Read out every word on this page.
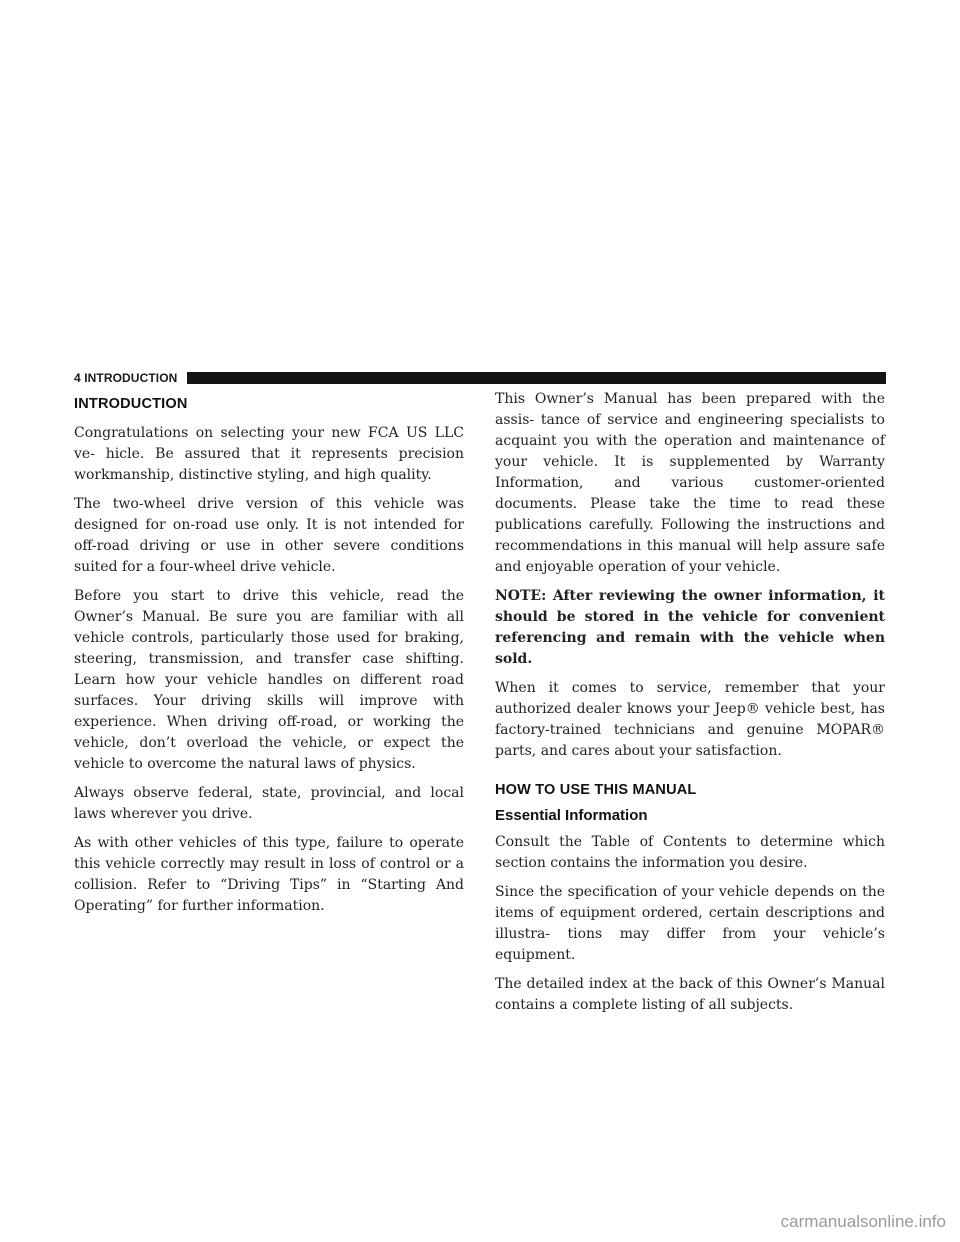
4 INTRODUCTION
INTRODUCTION

Congratulations on selecting your new FCA US LLC ve- hicle. Be assured that it represents precision workmanship, distinctive styling, and high quality.

The two-wheel drive version of this vehicle was designed for on-road use only. It is not intended for off-road driving or use in other severe conditions suited for a four-wheel drive vehicle.

Before you start to drive this vehicle, read the Owner’s Manual. Be sure you are familiar with all vehicle controls, particularly those used for braking, steering, transmission, and transfer case shifting. Learn how your vehicle handles on different road surfaces. Your driving skills will improve with experience. When driving off-road, or working the vehicle, don’t overload the vehicle, or expect the vehicle to overcome the natural laws of physics.

Always observe federal, state, provincial, and local laws wherever you drive.

As with other vehicles of this type, failure to operate this vehicle correctly may result in loss of control or a collision. Refer to “Driving Tips” in “Starting And Operating” for further information.

This Owner’s Manual has been prepared with the assis- tance of service and engineering specialists to acquaint you with the operation and maintenance of your vehicle. It is supplemented by Warranty Information, and various customer-oriented documents. Please take the time to read these publications carefully. Following the instructions and recommendations in this manual will help assure safe and enjoyable operation of your vehicle.

NOTE: After reviewing the owner information, it should be stored in the vehicle for convenient referencing and remain with the vehicle when sold.

When it comes to service, remember that your authorized dealer knows your Jeep® vehicle best, has factory-trained technicians and genuine MOPAR® parts, and cares about your satisfaction.

HOW TO USE THIS MANUAL
Essential Information

Consult the Table of Contents to determine which section contains the information you desire.

Since the specification of your vehicle depends on the items of equipment ordered, certain descriptions and illustra- tions may differ from your vehicle’s equipment.

The detailed index at the back of this Owner’s Manual contains a complete listing of all subjects.

carmanualsonline.info
